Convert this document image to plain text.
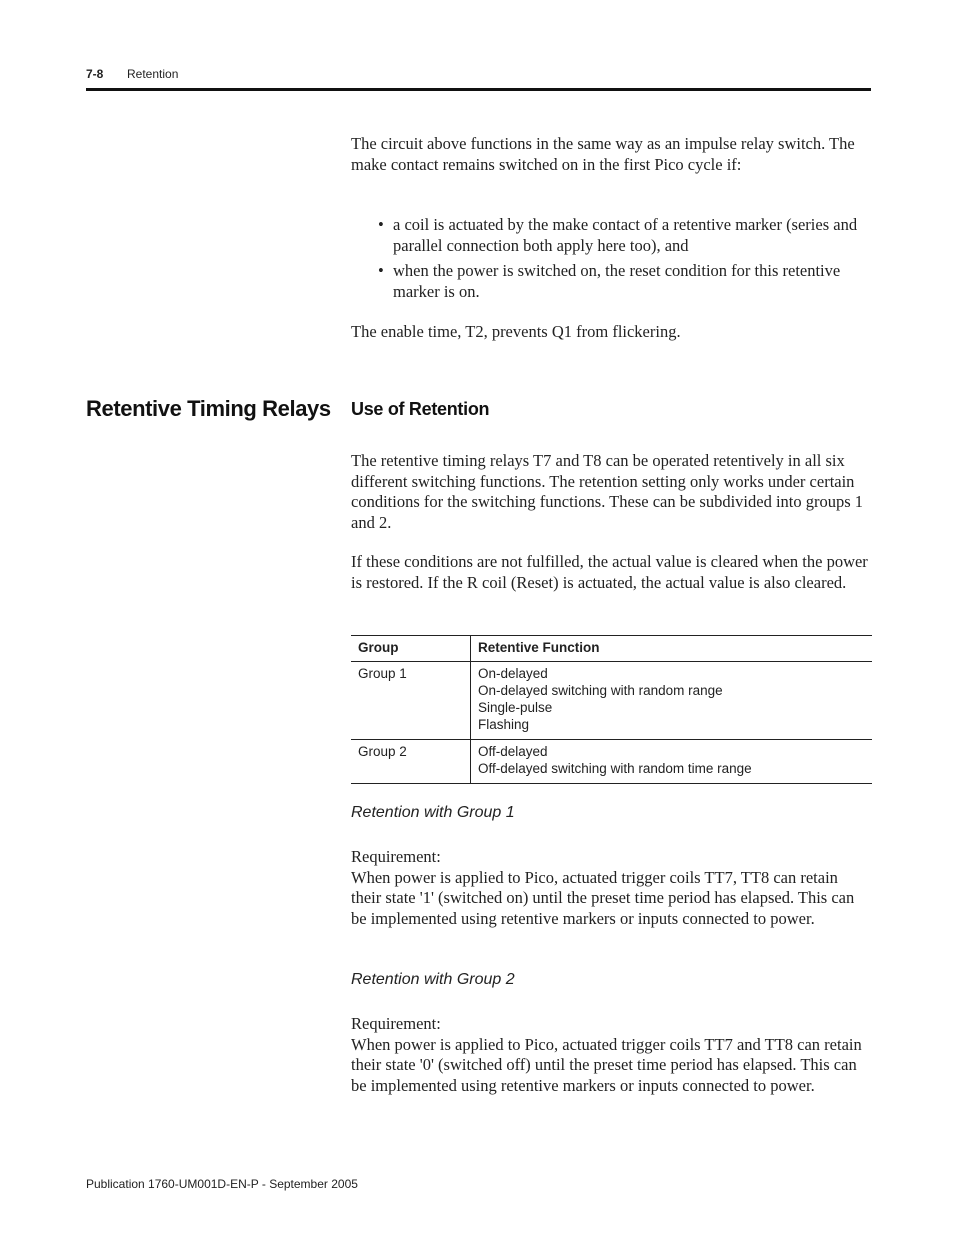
7-8 Retention
The circuit above functions in the same way as an impulse relay switch. The make contact remains switched on in the first Pico cycle if:
• a coil is actuated by the make contact of a retentive marker (series and parallel connection both apply here too), and
• when the power is switched on, the reset condition for this retentive marker is on.
The enable time, T2, prevents Q1 from flickering.
Retentive Timing Relays Use of Retention
The retentive timing relays T7 and T8 can be operated retentively in all six different switching functions. The retention setting only works under certain conditions for the switching functions. These can be subdivided into groups 1 and 2.
If these conditions are not fulfilled, the actual value is cleared when the power is restored. If the R coil (Reset) is actuated, the actual value is also cleared.
Group	Retentive Function
Group 1	On-delayed
On-delayed switching with random range
Single-pulse
Flashing

Group 2	Off-delayed
Off-delayed switching with random time range
Retention with Group 1
Requirement:
When power is applied to Pico, actuated trigger coils TT7, TT8 can retain their state '1' (switched on) until the preset time period has elapsed. This can be implemented using retentive markers or inputs connected to power.
Retention with Group 2
Requirement:
When power is applied to Pico, actuated trigger coils TT7 and TT8 can retain their state '0' (switched off) until the preset time period has elapsed. This can be implemented using retentive markers or inputs connected to power.
Publication 1760-UM001D-EN-P - September 2005
